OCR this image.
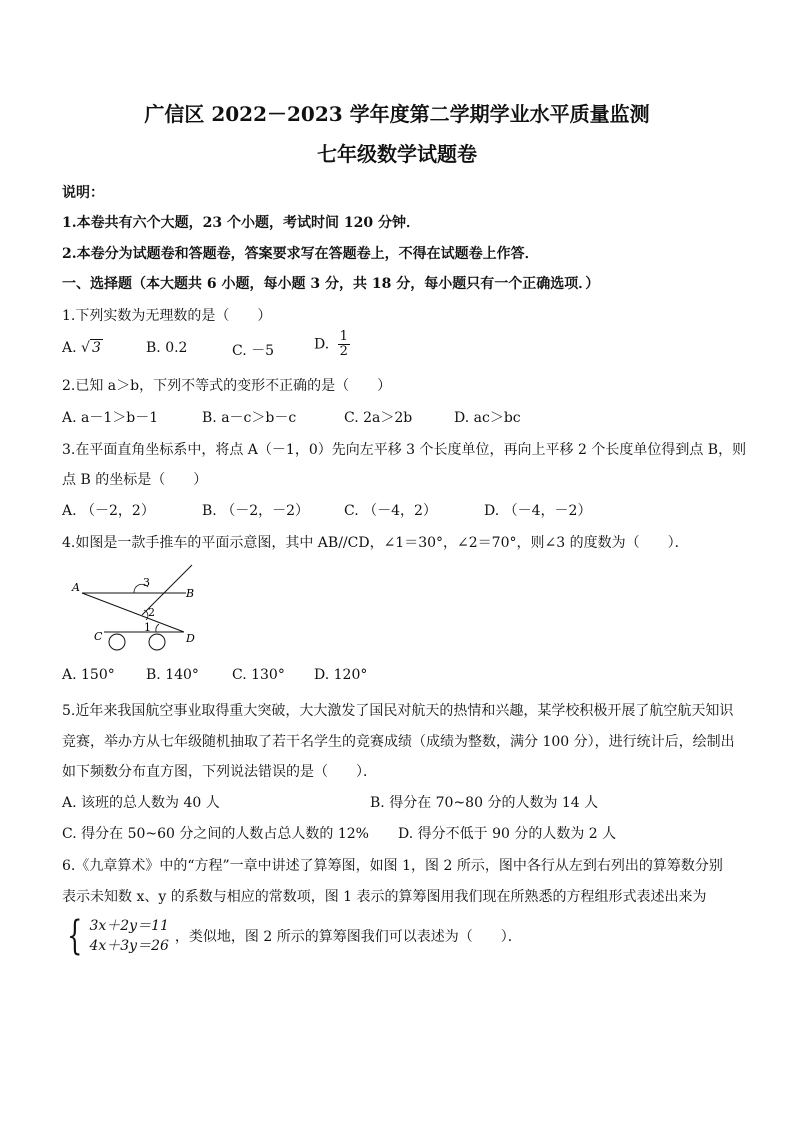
广信区 2022－2023 学年度第二学期学业水平质量监测
七年级数学试题卷
说明：
1.本卷共有六个大题，23 个小题，考试时间 120 分钟．
2.本卷分为试题卷和答题卷，答案要求写在答题卷上，不得在试题卷上作答．
一、选择题（本大题共 6 小题，每小题 3 分，共 18 分，每小题只有一个正确选项．）
1.下列实数为无理数的是（　　）
A. √ 3	B. 0.2	C. －5	D. $\frac{1}{2}$
2.已知 a＞b，下列不等式的变形不正确的是（　　）
A. a－1＞b－1	B. a－c＞b－c	C. 2a＞2b	D. ac＞bc
3.在平面直角坐标系中，将点 A（－1，0）先向左平移 3 个长度单位，再向上平移 2 个长度单位得到点 B，则
点 B 的坐标是（　　）
A. （－2，2）	B. （－2，－2） C. （－4，2）	D. （－4，－2）
4.如图是一款手推车的平面示意图，其中 AB//CD，∠1＝30°，∠2＝70°，则∠3 的度数为（　　）．
A	B
C	D
1
2
3
A. 150° B. 140° C. 130° D. 120°
5.近年来我国航空事业取得重大突破，大大激发了国民对航天的热情和兴趣，某学校积极开展了航空航天知识
竞赛，举办方从七年级随机抽取了若干名学生的竞赛成绩（成绩为整数，满分 100 分），进行统计后，绘制出
如下频数分布直方图，下列说法错误的是（　　）．
A. 该班的总人数为 40 人	B. 得分在 70~80 分的人数为 14 人
C. 得分在 50~60 分之间的人数占总人数的 12% D. 得分不低于 90 分的人数为 2 人
6.《九章算术》中的“方程”一章中讲述了算筹图，如图 1，图 2 所示，图中各行从左到右列出的算筹数分别
表示未知数 x、y 的系数与相应的常数项，图 1 表示的算筹图用我们现在所熟悉的方程组形式表述出来为
{ 3x＋2y＝11
4x＋3y＝26
，类似地，图 2 所示的算筹图我们可以表述为（　　）．
